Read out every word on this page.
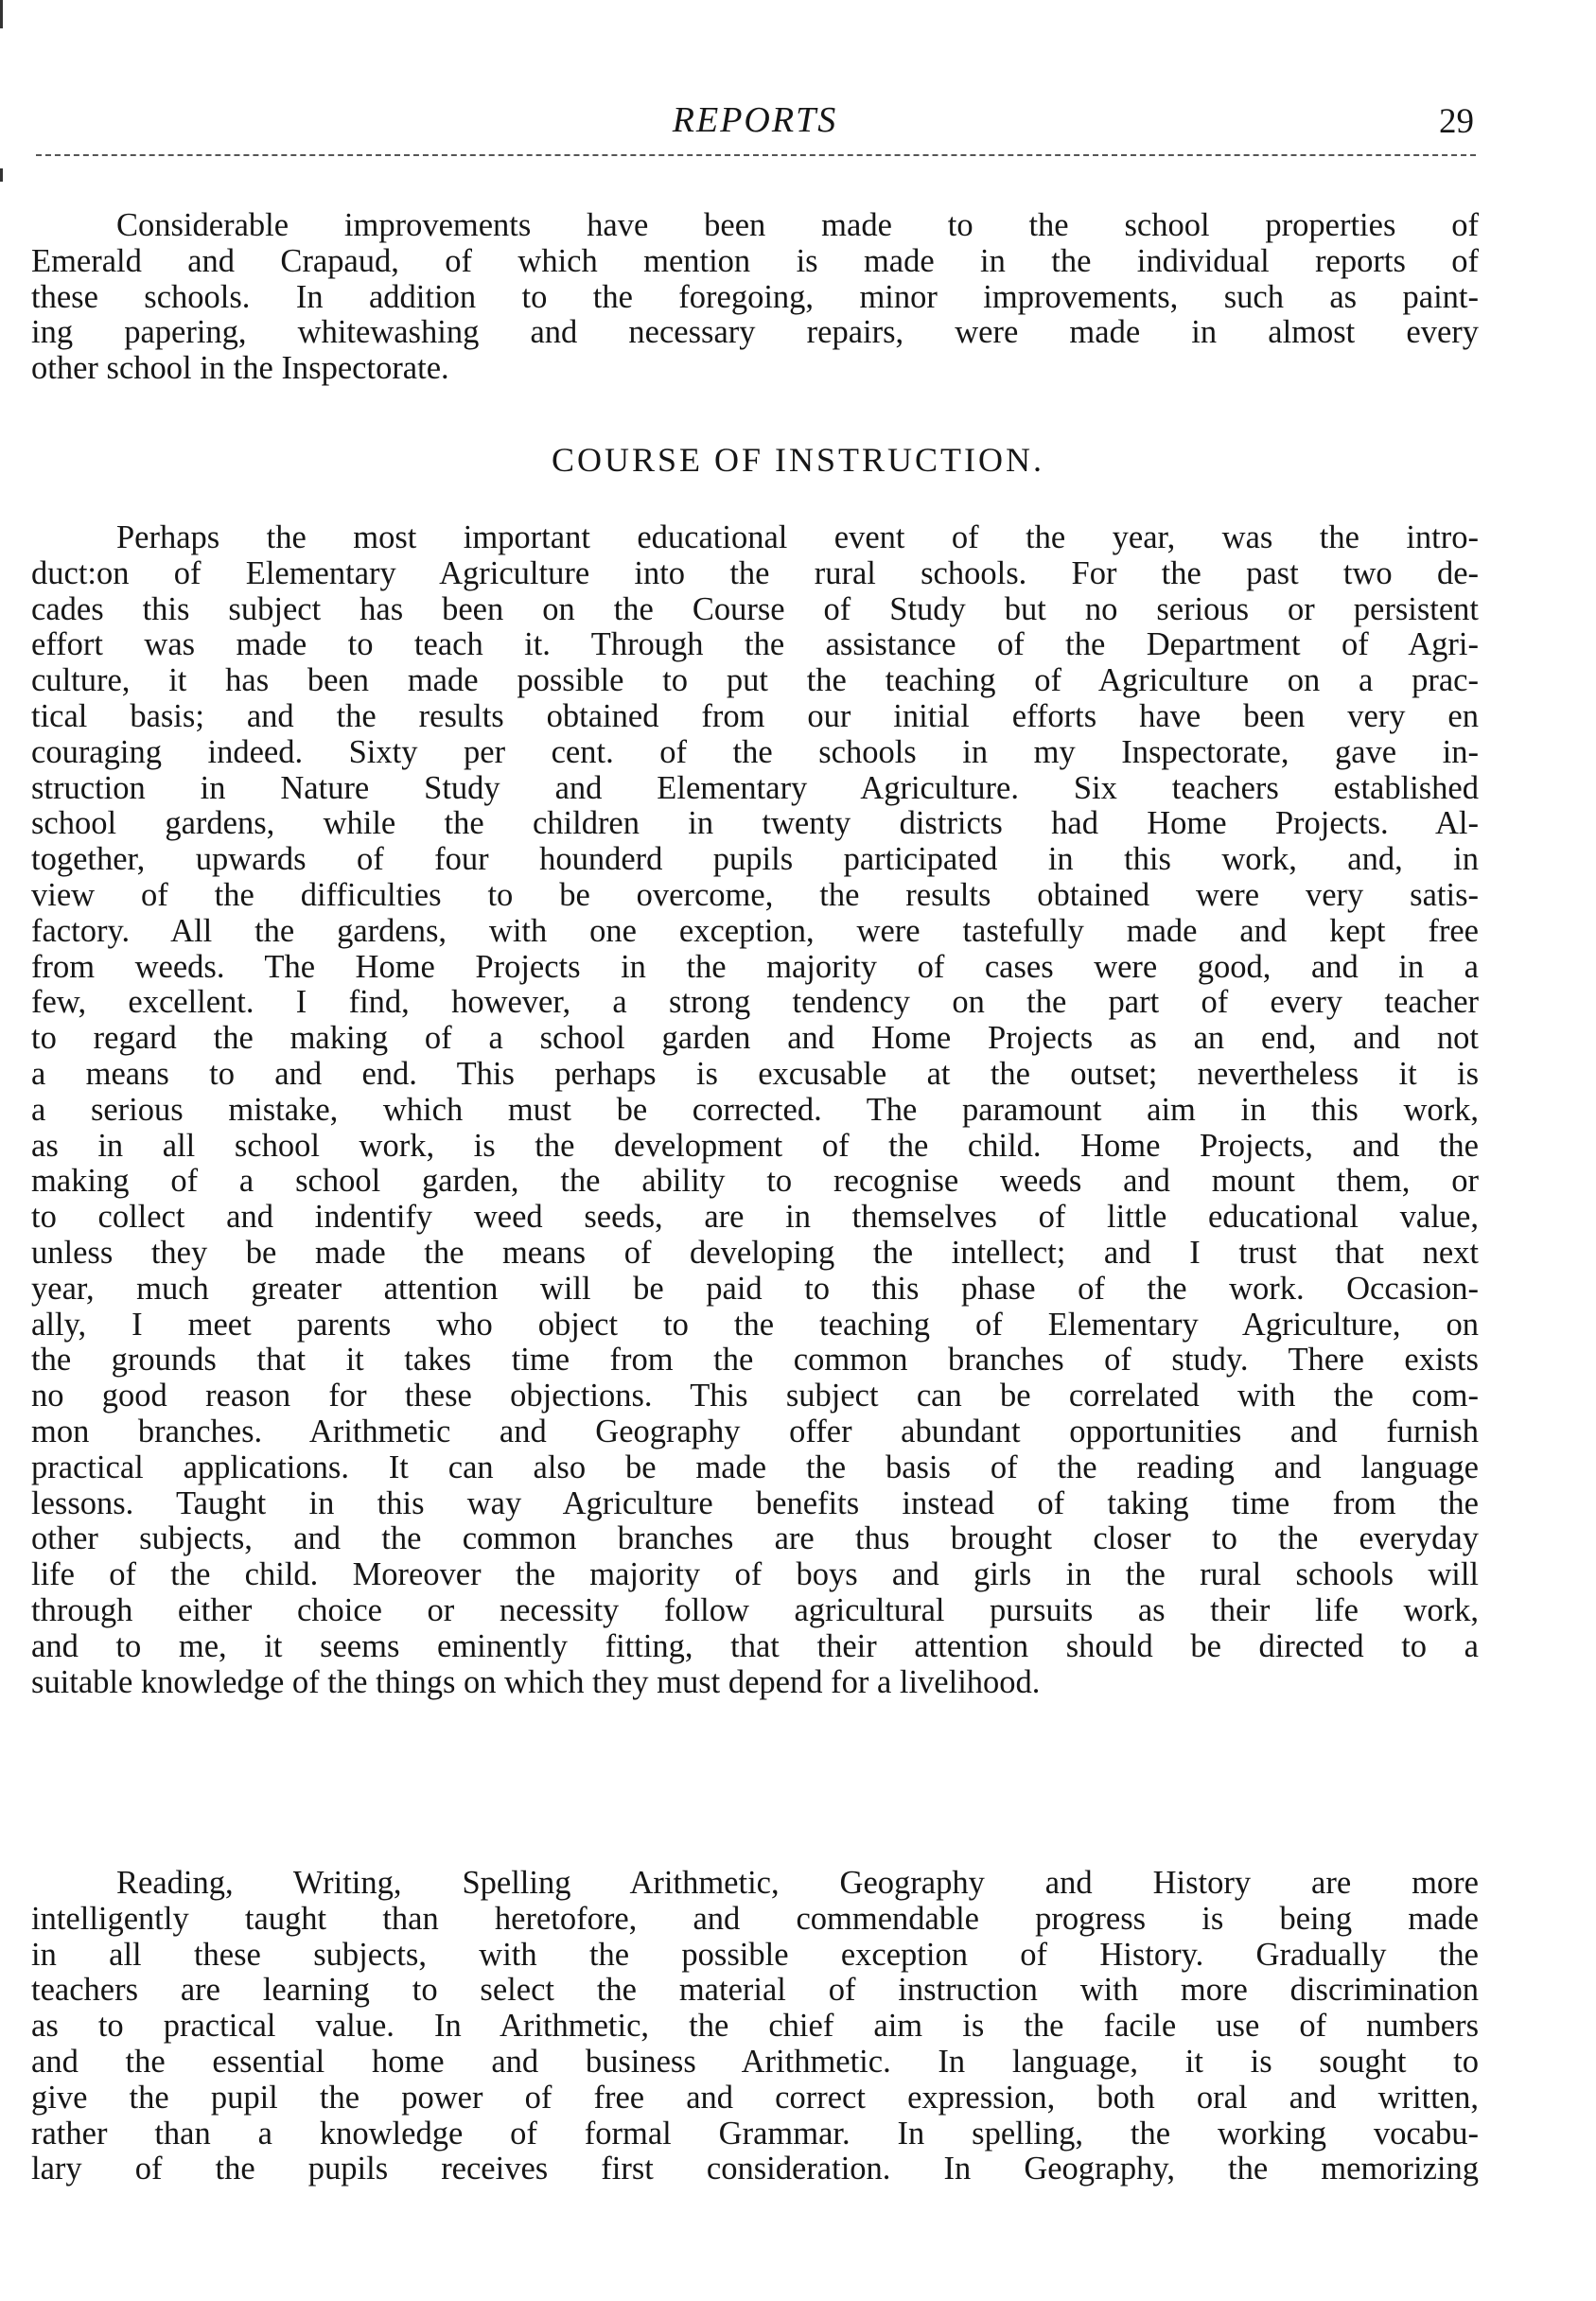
REPORTS	29
Considerable improvements have been made to the school properties of
Emerald and Crapaud, of which mention is made in the individual reports of
these schools. In addition to the foregoing, minor improvements, such as paint-
ing papering, whitewashing and necessary repairs, were made in almost every
other school in the Inspectorate.
COURSE OF INSTRUCTION.
Perhaps the most important educational event of the year, was the intro-
duct:on of Elementary Agriculture into the rural schools. For the past two de-
cades this subject has been on the Course of Study but no serious or persistent
effort was made to teach it. Through the assistance of the Department of Agri-
culture, it has been made possible to put the teaching of Agriculture on a prac-
tical basis; and the results obtained from our initial efforts have been very en
couraging indeed. Sixty per cent. of the schools in my Inspectorate, gave in-
struction in Nature Study and Elementary Agriculture. Six teachers established
school gardens, while the children in twenty districts had Home Projects. Al-
together, upwards of four hounderd pupils participated in this work, and, in
view of the difficulties to be overcome, the results obtained were very satis-
factory. All the gardens, with one exception, were tastefully made and kept free
from weeds. The Home Projects in the majority of cases were good, and in a
few, excellent. I find, however, a strong tendency on the part of every teacher
to regard the making of a school garden and Home Projects as an end, and not
a means to and end. This perhaps is excusable at the outset; nevertheless it is
a serious mistake, which must be corrected. The paramount aim in this work,
as in all school work, is the development of the child. Home Projects, and the
making of a school garden, the ability to recognise weeds and mount them, or
to collect and indentify weed seeds, are in themselves of little educational value,
unless they be made the means of developing the intellect; and I trust that next
year, much greater attention will be paid to this phase of the work. Occasion-
ally, I meet parents who object to the teaching of Elementary Agriculture, on
the grounds that it takes time from the common branches of study. There exists
no good reason for these objections. This subject can be correlated with the com-
mon branches. Arithmetic and Geography offer abundant opportunities and furnish
practical applications. It can also be made the basis of the reading and language
lessons. Taught in this way Agriculture benefits instead of taking time from the
other subjects, and the common branches are thus brought closer to the everyday
life of the child. Moreover the majority of boys and girls in the rural schools will
through either choice or necessity follow agricultural pursuits as their life work,
and to me, it seems eminently fitting, that their attention should be directed to a
suitable knowledge of the things on which they must depend for a livelihood.
Reading, Writing, Spelling Arithmetic, Geography and History are more
intelligently taught than heretofore, and commendable progress is being made
in all these subjects, with the possible exception of History. Gradually the
teachers are learning to select the material of instruction with more discrimination
as to practical value. In Arithmetic, the chief aim is the facile use of numbers
and the essential home and business Arithmetic. In language, it is sought to
give the pupil the power of free and correct expression, both oral and written,
rather than a knowledge of formal Grammar. In spelling, the working vocabu-
lary of the pupils receives first consideration. In Geography, the memorizing
